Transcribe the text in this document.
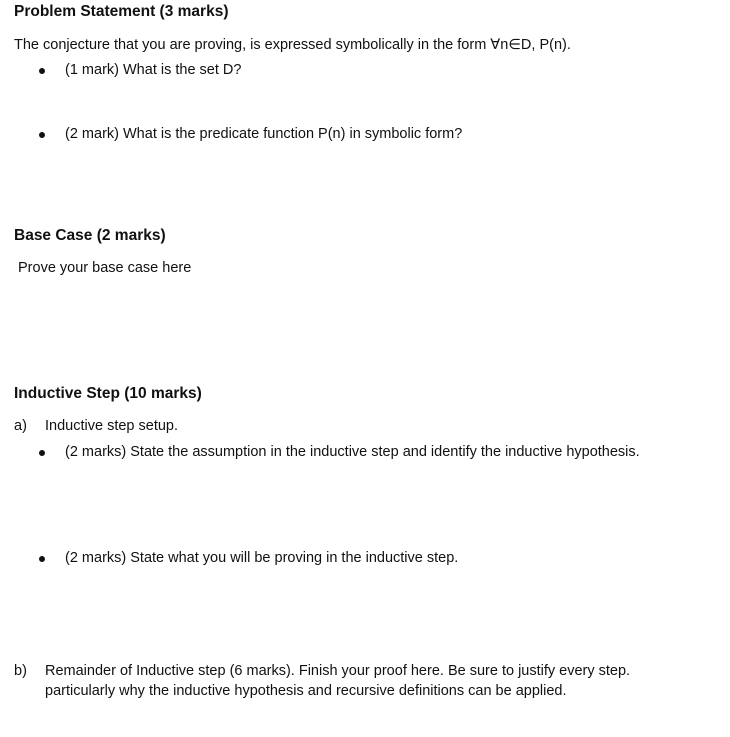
Problem Statement (3 marks)
The conjecture that you are proving, is expressed symbolically in the form ∀n∈D, P(n).
(1 mark) What is the set D?
(2 mark) What is the predicate function P(n) in symbolic form?
Base Case (2 marks)
Prove your base case here
Inductive Step (10 marks)
a) Inductive step setup.
(2 marks) State the assumption in the inductive step and identify the inductive hypothesis.
(2 marks) State what you will be proving in the inductive step.
b) Remainder of Inductive step (6 marks). Finish your proof here. Be sure to justify every step.
particularly why the inductive hypothesis and recursive definitions can be applied.
